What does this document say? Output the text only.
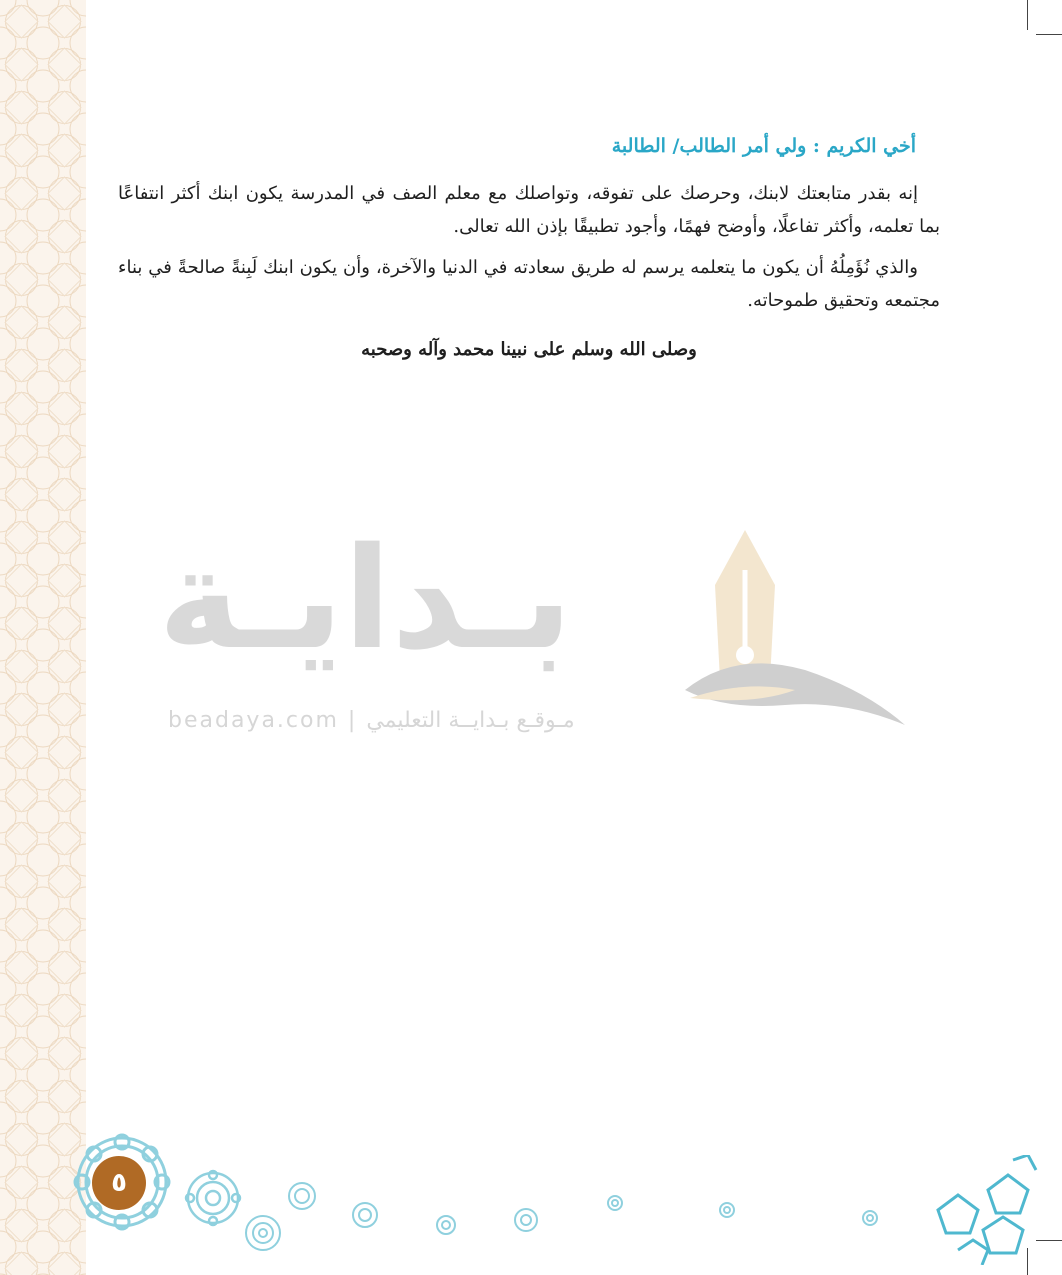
أخي الكريم : ولي أمر الطالب/ الطالبة

إنه بقدر متابعتك لابنك، وحرصك على تفوقه، وتواصلك مع معلم الصف في المدرسة يكون ابنك أكثر انتفاعًا بما تعلمه، وأكثر تفاعلًا، وأوضح فهمًا، وأجود تطبيقًا بإذن الله تعالى.

والذي نُؤَمِلُهُ أن يكون ما يتعلمه يرسم له طريق سعادته في الدنيا والآخرة، وأن يكون ابنك لَبِنةً صالحةً في بناء مجتمعه وتحقيق طموحاته.

وصلى الله وسلم على نبينا محمد وآله وصحبه
بـدايـة
beadaya.com | مـوقـع بـدايــة التعليمي
٥
